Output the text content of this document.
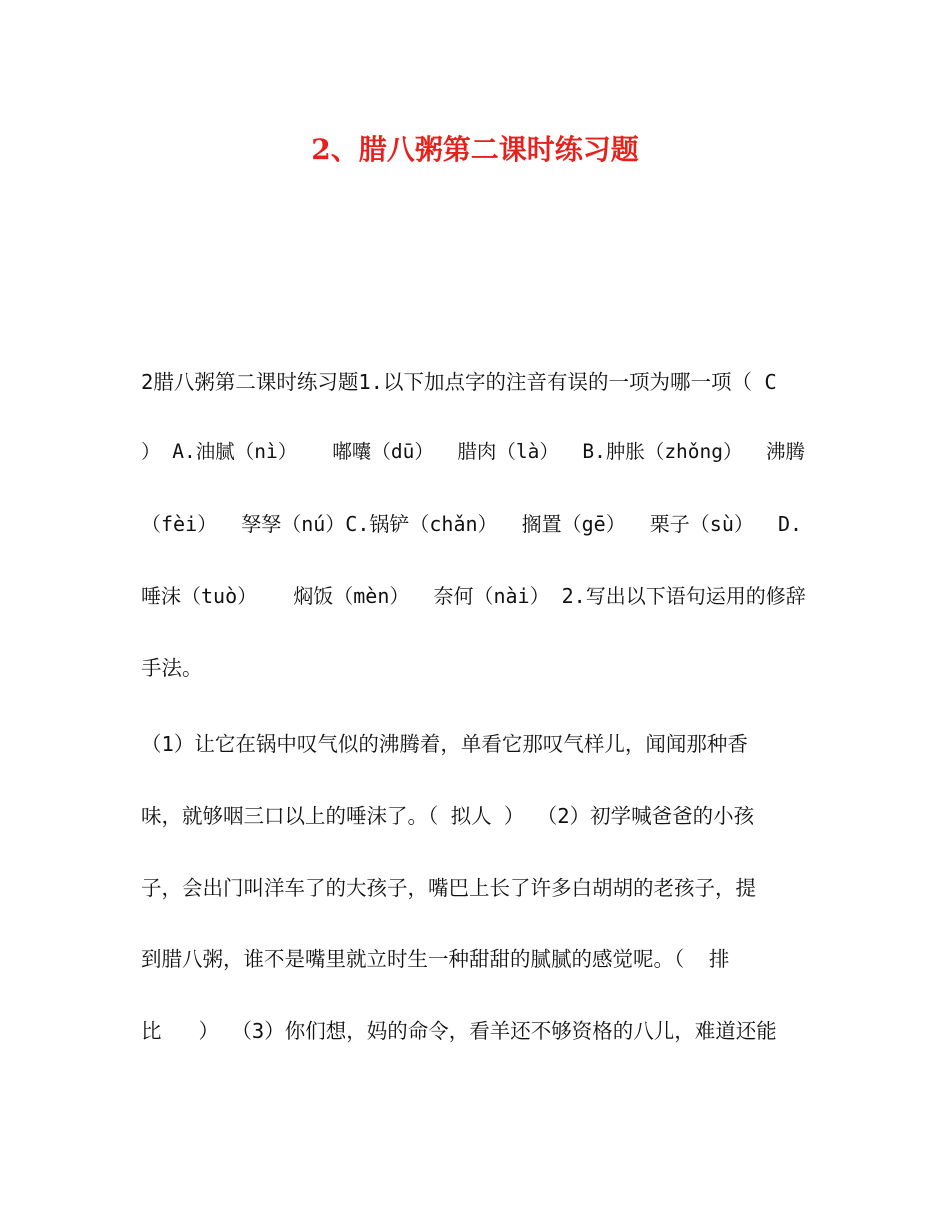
2、腊八粥第二课时练习题

2腊八粥第二课时练习题1.以下加点字的注音有误的一项为哪一项（ C

） A.油腻（nì）   嘟囔（dū）  腊肉（là）  B.肿胀（zhǒng）  沸腾

（fèi）  孥孥（nú）C.锅铲（chǎn）  搁置（gē）  栗子（sù）  D.

唾沫（tuò）   焖饭（mèn）  奈何（nài） 2.写出以下语句运用的修辞

手法。

（1）让它在锅中叹气似的沸腾着，单看它那叹气样儿，闻闻那种香

味，就够咽三口以上的唾沫了。（ 拟人 ） （2）初学喊爸爸的小孩

子，会出门叫洋车了的大孩子，嘴巴上长了许多白胡胡的老孩子，提

到腊八粥，谁不是嘴里就立时生一种甜甜的腻腻的感觉呢。（  排

比   ） （3）你们想，妈的命令，看羊还不够资格的八儿，难道还能
